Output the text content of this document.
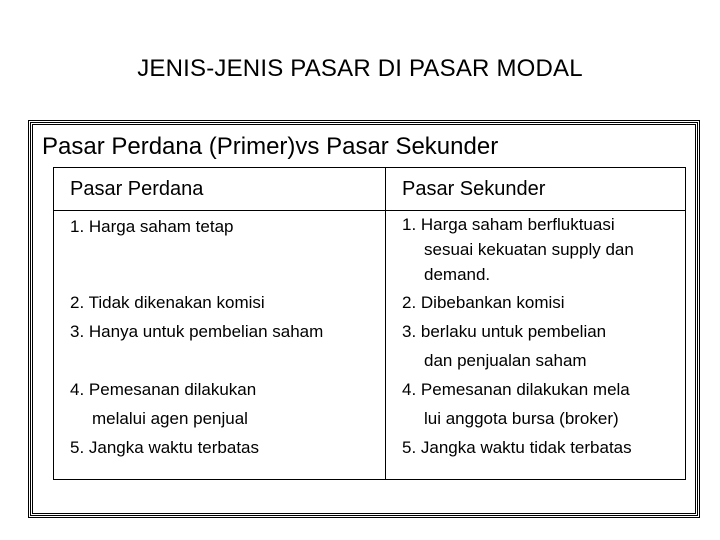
JENIS-JENIS PASAR DI PASAR MODAL
Pasar Perdana (Primer)vs Pasar Sekunder
Pasar Perdana	Pasar Sekunder
1. Harga saham tetap
2. Tidak dikenakan komisi
3. Hanya untuk pembelian saham
4. Pemesanan dilakukan
melalui agen penjual
5. Jangka waktu terbatas
1. Harga saham berfluktuasi
sesuai kekuatan supply dan
demand.
2. Dibebankan komisi
3. berlaku untuk pembelian
dan penjualan saham
4. Pemesanan dilakukan mela
lui anggota bursa (broker)
5. Jangka waktu tidak terbatas
